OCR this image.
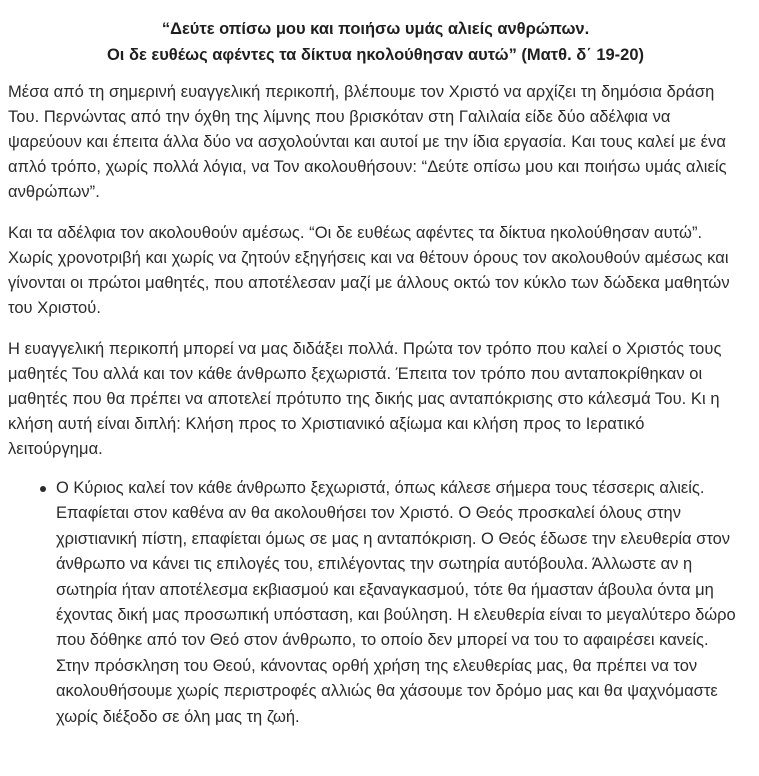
“Δεύτε οπίσω μου και ποιήσω υμάς αλιείς ανθρώπων.
Οι δε ευθέως αφέντες τα δίκτυα ηκολούθησαν αυτώ” (Ματθ. δ΄ 19-20)

Μέσα από τη σημερινή ευαγγελική περικοπή, βλέπουμε τον Χριστό να αρχίζει τη δημόσια δράση Του. Περνώντας από την όχθη της λίμνης που βρισκόταν στη Γαλιλαία είδε δύο αδέλφια να ψαρεύουν και έπειτα άλλα δύο να ασχολούνται και αυτοί με την ίδια εργασία. Και τους καλεί με ένα απλό τρόπο, χωρίς πολλά λόγια, να Τον ακολουθήσουν: “Δεύτε οπίσω μου και ποιήσω υμάς αλιείς ανθρώπων”.

Και τα αδέλφια τον ακολουθούν αμέσως. “Οι δε ευθέως αφέντες τα δίκτυα ηκολούθησαν αυτώ”. Χωρίς χρονοτριβή και χωρίς να ζητούν εξηγήσεις και να θέτουν όρους τον ακολουθούν αμέσως και γίνονται οι πρώτοι μαθητές, που αποτέλεσαν μαζί με άλλους οκτώ τον κύκλο των δώδεκα μαθητών του Χριστού.

Η ευαγγελική περικοπή μπορεί να μας διδάξει πολλά. Πρώτα τον τρόπο που καλεί ο Χριστός τους μαθητές Του αλλά και τον κάθε άνθρωπο ξεχωριστά. Έπειτα τον τρόπο που ανταποκρίθηκαν οι μαθητές που θα πρέπει να αποτελεί πρότυπο της δικής μας ανταπόκρισης στο κάλεσμά Του. Κι η κλήση αυτή είναι διπλή: Κλήση προς το Χριστιανικό αξίωμα και κλήση προς το Ιερατικό λειτούργημα.

Ο Κύριος καλεί τον κάθε άνθρωπο ξεχωριστά, όπως κάλεσε σήμερα τους τέσσερις αλιείς. Επαφίεται στον καθένα αν θα ακολουθήσει τον Χριστό. Ο Θεός προσκαλεί όλους στην χριστιανική πίστη, επαφίεται όμως σε μας η ανταπόκριση. Ο Θεός έδωσε την ελευθερία στον άνθρωπο να κάνει τις επιλογές του, επιλέγοντας την σωτηρία αυτόβουλα. Άλλωστε αν η σωτηρία ήταν αποτέλεσμα εκβιασμού και εξαναγκασμού, τότε θα ήμασταν άβουλα όντα μη έχοντας δική μας προσωπική υπόσταση, και βούληση. Η ελευθερία είναι το μεγαλύτερο δώρο που δόθηκε από τον Θεό στον άνθρωπο, το οποίο δεν μπορεί να του το αφαιρέσει κανείς. Στην πρόσκληση του Θεού, κάνοντας ορθή χρήση της ελευθερίας μας, θα πρέπει να τον ακολουθήσουμε χωρίς περιστροφές αλλιώς θα χάσουμε τον δρόμο μας και θα ψαχνόμαστε χωρίς διέξοδο σε όλη μας τη ζωή.
